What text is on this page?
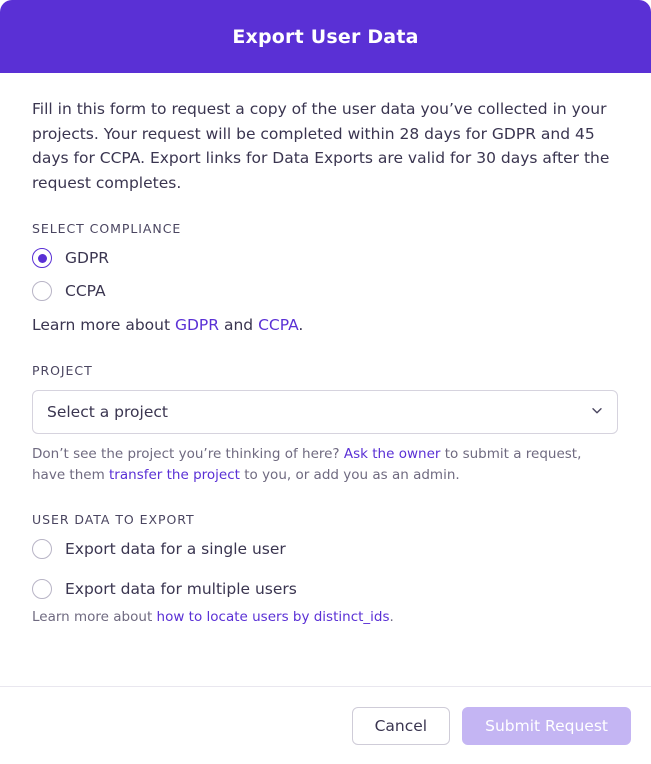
Export User Data

Fill in this form to request a copy of the user data you’ve collected in your projects. Your request will be completed within 28 days for GDPR and 45 days for CCPA. Export links for Data Exports are valid for 30 days after the request completes.

SELECT COMPLIANCE
GDPR
CCPA

Learn more about GDPR and CCPA.

PROJECT
Select a project

Don’t see the project you’re thinking of here? Ask the owner to submit a request, have them transfer the project to you, or add you as an admin.

USER DATA TO EXPORT
Export data for a single user
Export data for multiple users

Learn more about how to locate users by distinct_ids.

Cancel	Submit Request
